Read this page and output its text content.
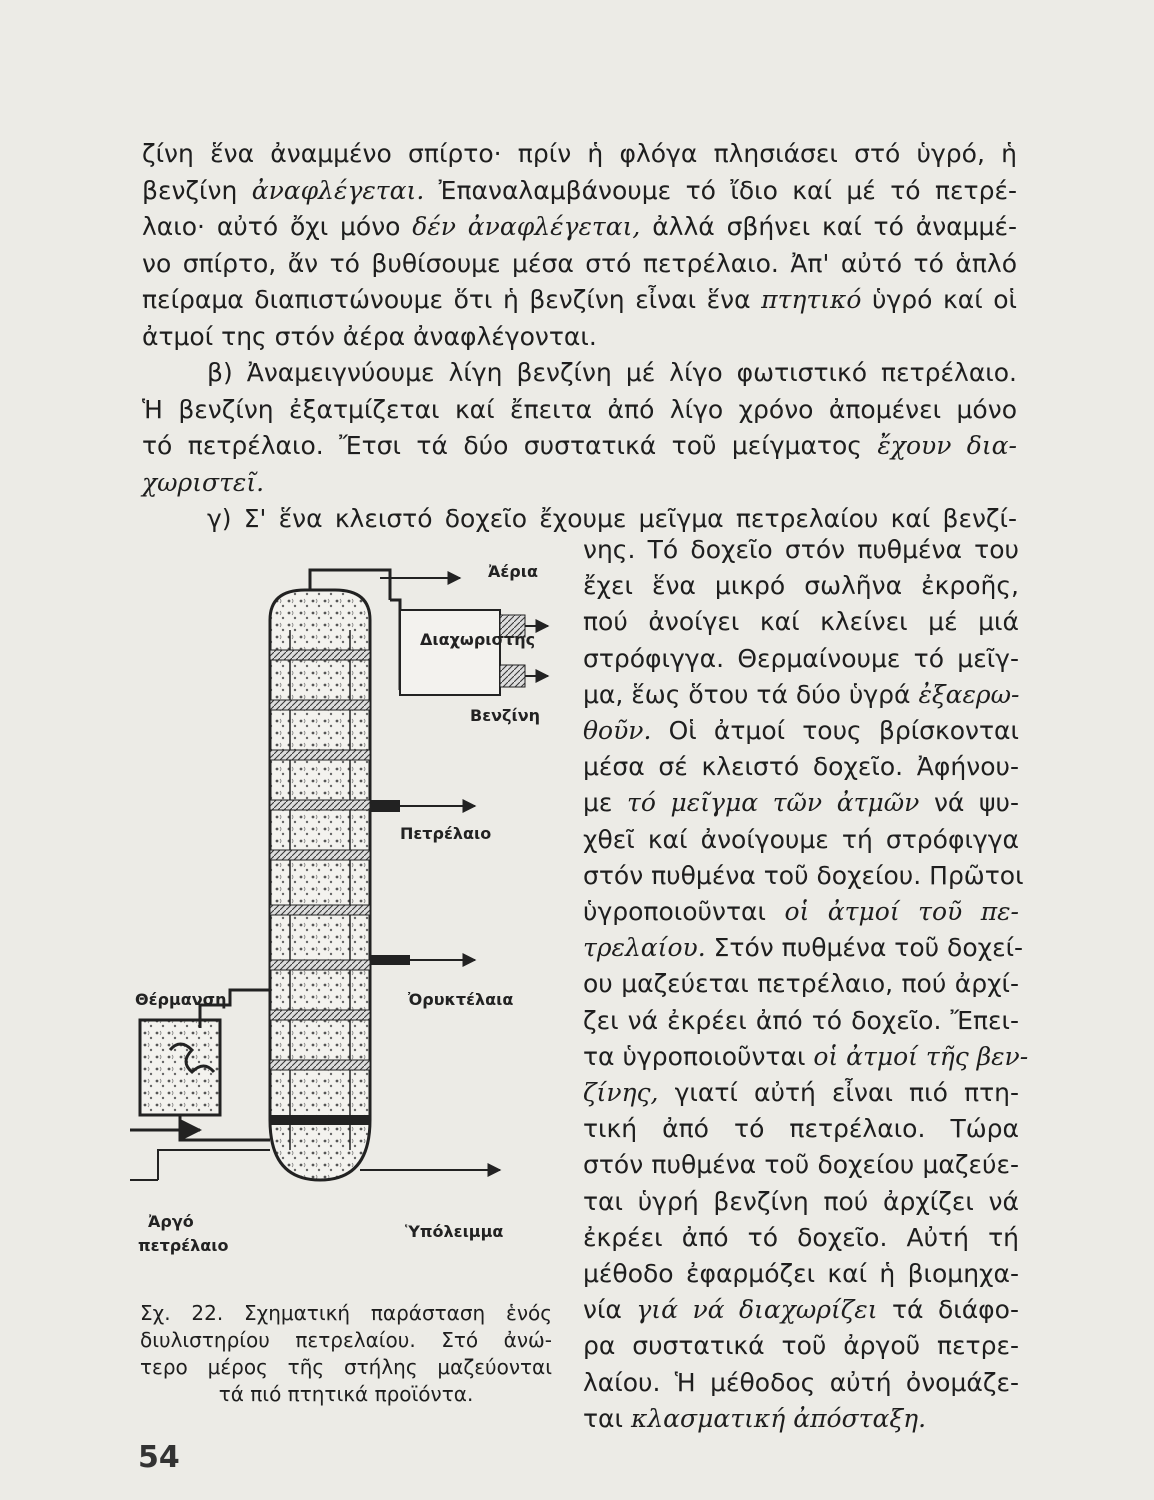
ζίνη ἕνα ἀναμμένο σπίρτο· πρίν ἡ φλόγα πλησιάσει στό ὑγρό, ἡ
βενζίνη ἀναφλέγεται. Ἐπαναλαμβάνουμε τό ἴδιο καί μέ τό πετρέ-
λαιο· αὐτό ὄχι μόνο δέν ἀναφλέγεται, ἀλλά σβήνει καί τό ἀναμμέ-
νο σπίρτο, ἄν τό βυθίσουμε μέσα στό πετρέλαιο. Ἀπ' αὐτό τό ἁπλό
πείραμα διαπιστώνουμε ὅτι ἡ βενζίνη εἶναι ἕνα πτητικό ὑγρό καί οἱ
ἀτμοί της στόν ἀέρα ἀναφλέγονται.
β) Ἀναμειγνύουμε λίγη βενζίνη μέ λίγο φωτιστικό πετρέλαιο.
Ἡ βενζίνη ἐξατμίζεται καί ἔπειτα ἀπό λίγο χρόνο ἀπομένει μόνο
τό πετρέλαιο. Ἔτσι τά δύο συστατικά τοῦ μείγματος ἔχουν δια-
χωριστεῖ.
γ) Σ' ἕνα κλειστό δοχεῖο ἔχουμε μεῖγμα πετρελαίου καί βενζί-
νης. Τό δοχεῖο στόν πυθμένα του
ἔχει ἕνα μικρό σωλῆνα ἐκροῆς,
πού ἀνοίγει καί κλείνει μέ μιά
στρόφιγγα. Θερμαίνουμε τό μεῖγ-
μα, ἕως ὅτου τά δύο ὑγρά ἐξαερω-
θοῦν. Οἱ ἀτμοί τους βρίσκονται
μέσα σέ κλειστό δοχεῖο. Ἀφήνου-
με τό μεῖγμα τῶν ἀτμῶν νά ψυ-
χθεῖ καί ἀνοίγουμε τή στρόφιγγα
στόν πυθμένα τοῦ δοχείου. Πρῶτοι
ὑγροποιοῦνται οἱ ἀτμοί τοῦ πε-
τρελαίου. Στόν πυθμένα τοῦ δοχεί-
ου μαζεύεται πετρέλαιο, πού ἀρχί-
ζει νά ἐκρέει ἀπό τό δοχεῖο. Ἔπει-
τα ὑγροποιοῦνται οἱ ἀτμοί τῆς βεν-
ζίνης, γιατί αὐτή εἶναι πιό πτη-
τική ἀπό τό πετρέλαιο. Τώρα
στόν πυθμένα τοῦ δοχείου μαζεύε-
ται ὑγρή βενζίνη πού ἀρχίζει νά
ἐκρέει ἀπό τό δοχεῖο. Αὐτή τή
μέθοδο ἐφαρμόζει καί ἡ βιομηχα-
νία γιά νά διαχωρίζει τά διάφο-
ρα συστατικά τοῦ ἀργοῦ πετρε-
λαίου. Ἡ μέθοδος αὐτή ὀνομάζε-
ται κλασματική ἀπόσταξη.
Ἀέρια
Διαχωριστής
Βενζίνη
Πετρέλαιο
Θέρμανση	Ὀρυκτέλαια
Ἀργό
πετρέλαιο
Ὑπόλειμμα
Σχ. 22. Σχηματική παράσταση ἑνός
διυλιστηρίου πετρελαίου. Στό ἀνώ-
τερο μέρος τῆς στήλης μαζεύονται
τά πιό πτητικά προϊόντα.
54
